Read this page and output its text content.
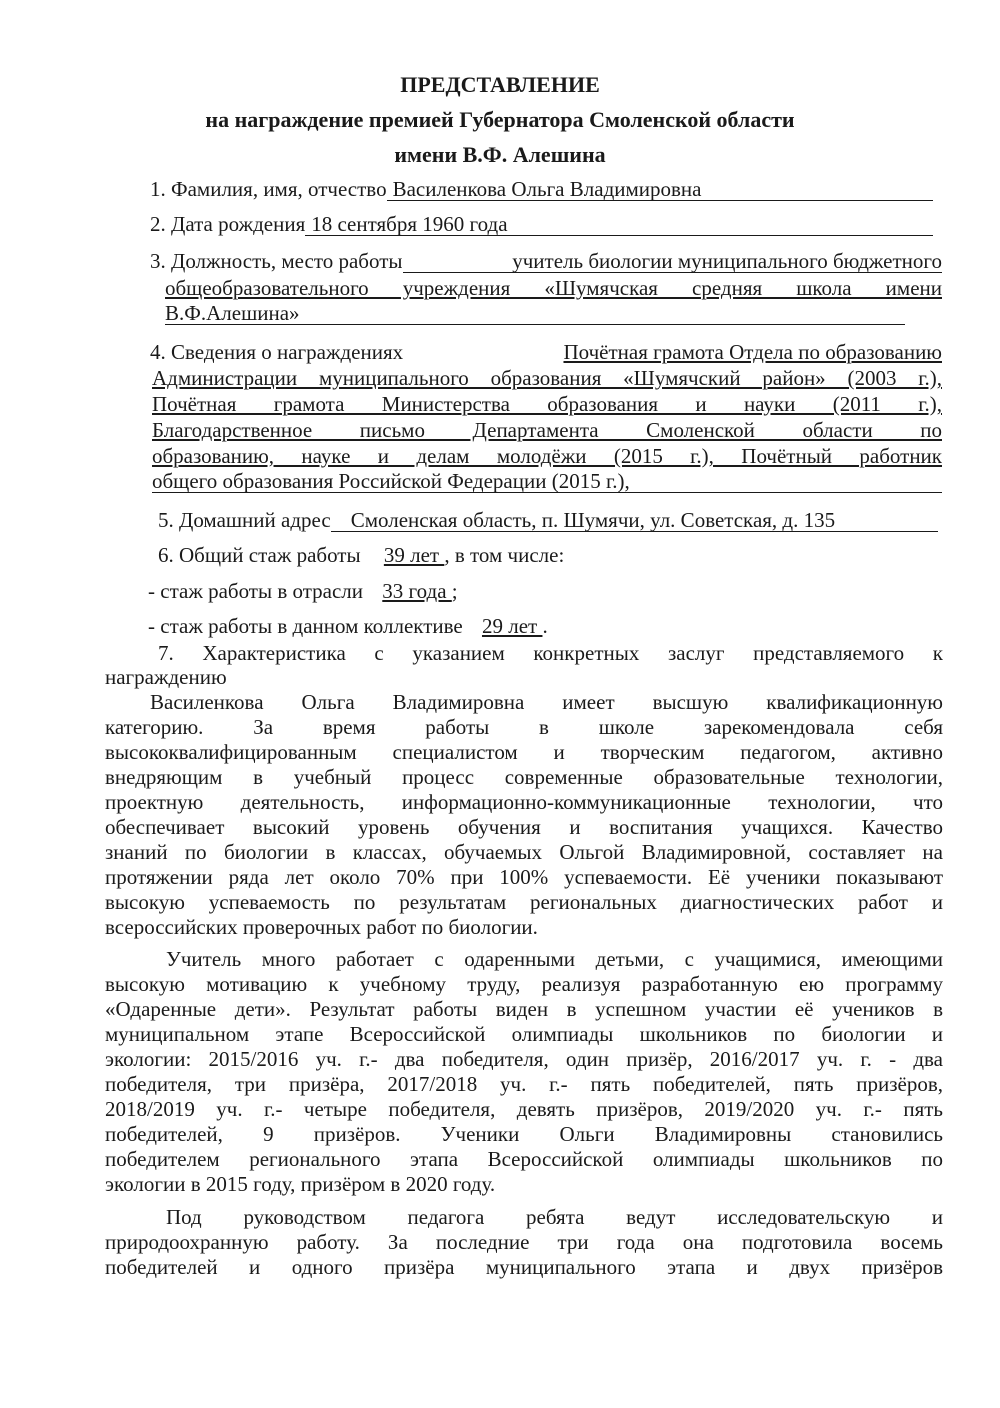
ПРЕДСТАВЛЕНИЕ
на награждение премией Губернатора Смоленской области
имени В.Ф. Алешина
1. Фамилия, имя, отчество Василенкова Ольга Владимировна
2. Дата рождения 18 сентября 1960 года
3. Должность, место работы	учитель биологии муниципального бюджетного
общеобразовательного учреждения «Шумячская средняя школа имени
В.Ф.Алешина»
4. Сведения о награждениях	Почётная грамота Отдела по образованию
Администрации муниципального образования «Шумячский район» (2003 г.),
Почётная грамота Министерства образования и науки (2011 г.),
Благодарственное письмо Департамента Смоленской области по
образованию, науке и делам молодёжи (2015 г.), Почётный работник
общего образования Российской Федерации (2015 г.),
5. Домашний адрес Смоленская область, п. Шумячи, ул. Советская, д. 135
6. Общий стаж работы 39 лет , в том числе:
- стаж работы в отрасли 33 года ;
- стаж работы в данном коллективе 29 лет .
7. Характеристика с указанием конкретных заслуг представляемого к
награждению
Василенкова Ольга Владимировна имеет высшую квалификационную
категорию. За время работы в школе зарекомендовала себя
высококвалифицированным специалистом и творческим педагогом, активно
внедряющим в учебный процесс современные образовательные технологии,
проектную деятельность, информационно-коммуникационные технологии, что
обеспечивает высокий уровень обучения и воспитания учащихся. Качество
знаний по биологии в классах, обучаемых Ольгой Владимировной, составляет на
протяжении ряда лет около 70% при 100% успеваемости. Её ученики показывают
высокую успеваемость по результатам региональных диагностических работ и
всероссийских проверочных работ по биологии.
Учитель много работает с одаренными детьми, с учащимися, имеющими
высокую мотивацию к учебному труду, реализуя разработанную ею программу
«Одаренные дети». Результат работы виден в успешном участии её учеников в
муниципальном этапе Всероссийской олимпиады школьников по биологии и
экологии: 2015/2016 уч. г.- два победителя, один призёр, 2016/2017 уч. г. - два
победителя, три призёра, 2017/2018 уч. г.- пять победителей, пять призёров,
2018/2019 уч. г.- четыре победителя, девять призёров, 2019/2020 уч. г.- пять
победителей, 9 призёров. Ученики Ольги Владимировны становились
победителем регионального этапа Всероссийской олимпиады школьников по
экологии в 2015 году, призёром в 2020 году.
Под руководством педагога ребята ведут исследовательскую и
природоохранную работу. За последние три года она подготовила восемь
победителей и одного призёра муниципального этапа и двух призёров
